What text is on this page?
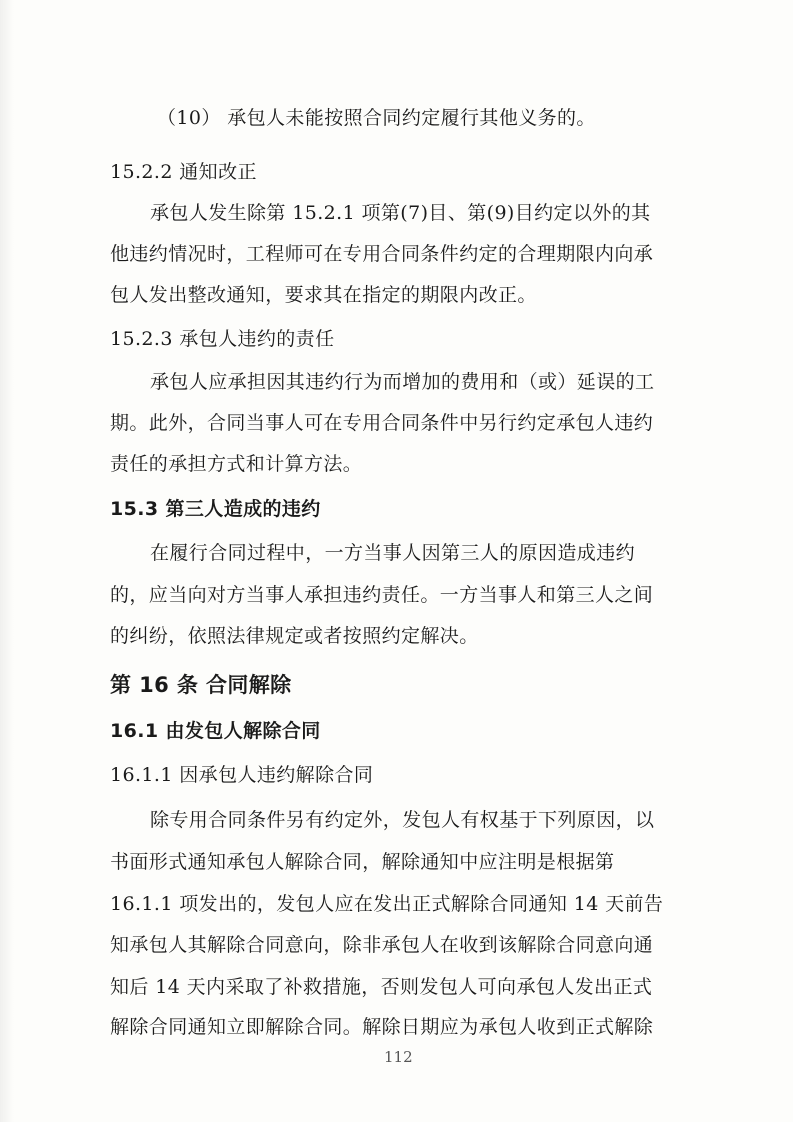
（10） 承包人未能按照合同约定履行其他义务的。
15.2.2 通知改正
承包人发生除第 15.2.1 项第(7)目、第(9)目约定以外的其
他违约情况时，工程师可在专用合同条件约定的合理期限内向承
包人发出整改通知，要求其在指定的期限内改正。
15.2.3 承包人违约的责任
承包人应承担因其违约行为而增加的费用和（或）延误的工
期。此外，合同当事人可在专用合同条件中另行约定承包人违约
责任的承担方式和计算方法。
15.3 第三人造成的违约
在履行合同过程中，一方当事人因第三人的原因造成违约
的，应当向对方当事人承担违约责任。一方当事人和第三人之间
的纠纷，依照法律规定或者按照约定解决。
第 16 条 合同解除
16.1 由发包人解除合同
16.1.1 因承包人违约解除合同
除专用合同条件另有约定外，发包人有权基于下列原因，以
书面形式通知承包人解除合同，解除通知中应注明是根据第
16.1.1 项发出的，发包人应在发出正式解除合同通知 14 天前告
知承包人其解除合同意向，除非承包人在收到该解除合同意向通
知后 14 天内采取了补救措施，否则发包人可向承包人发出正式
解除合同通知立即解除合同。解除日期应为承包人收到正式解除
112
